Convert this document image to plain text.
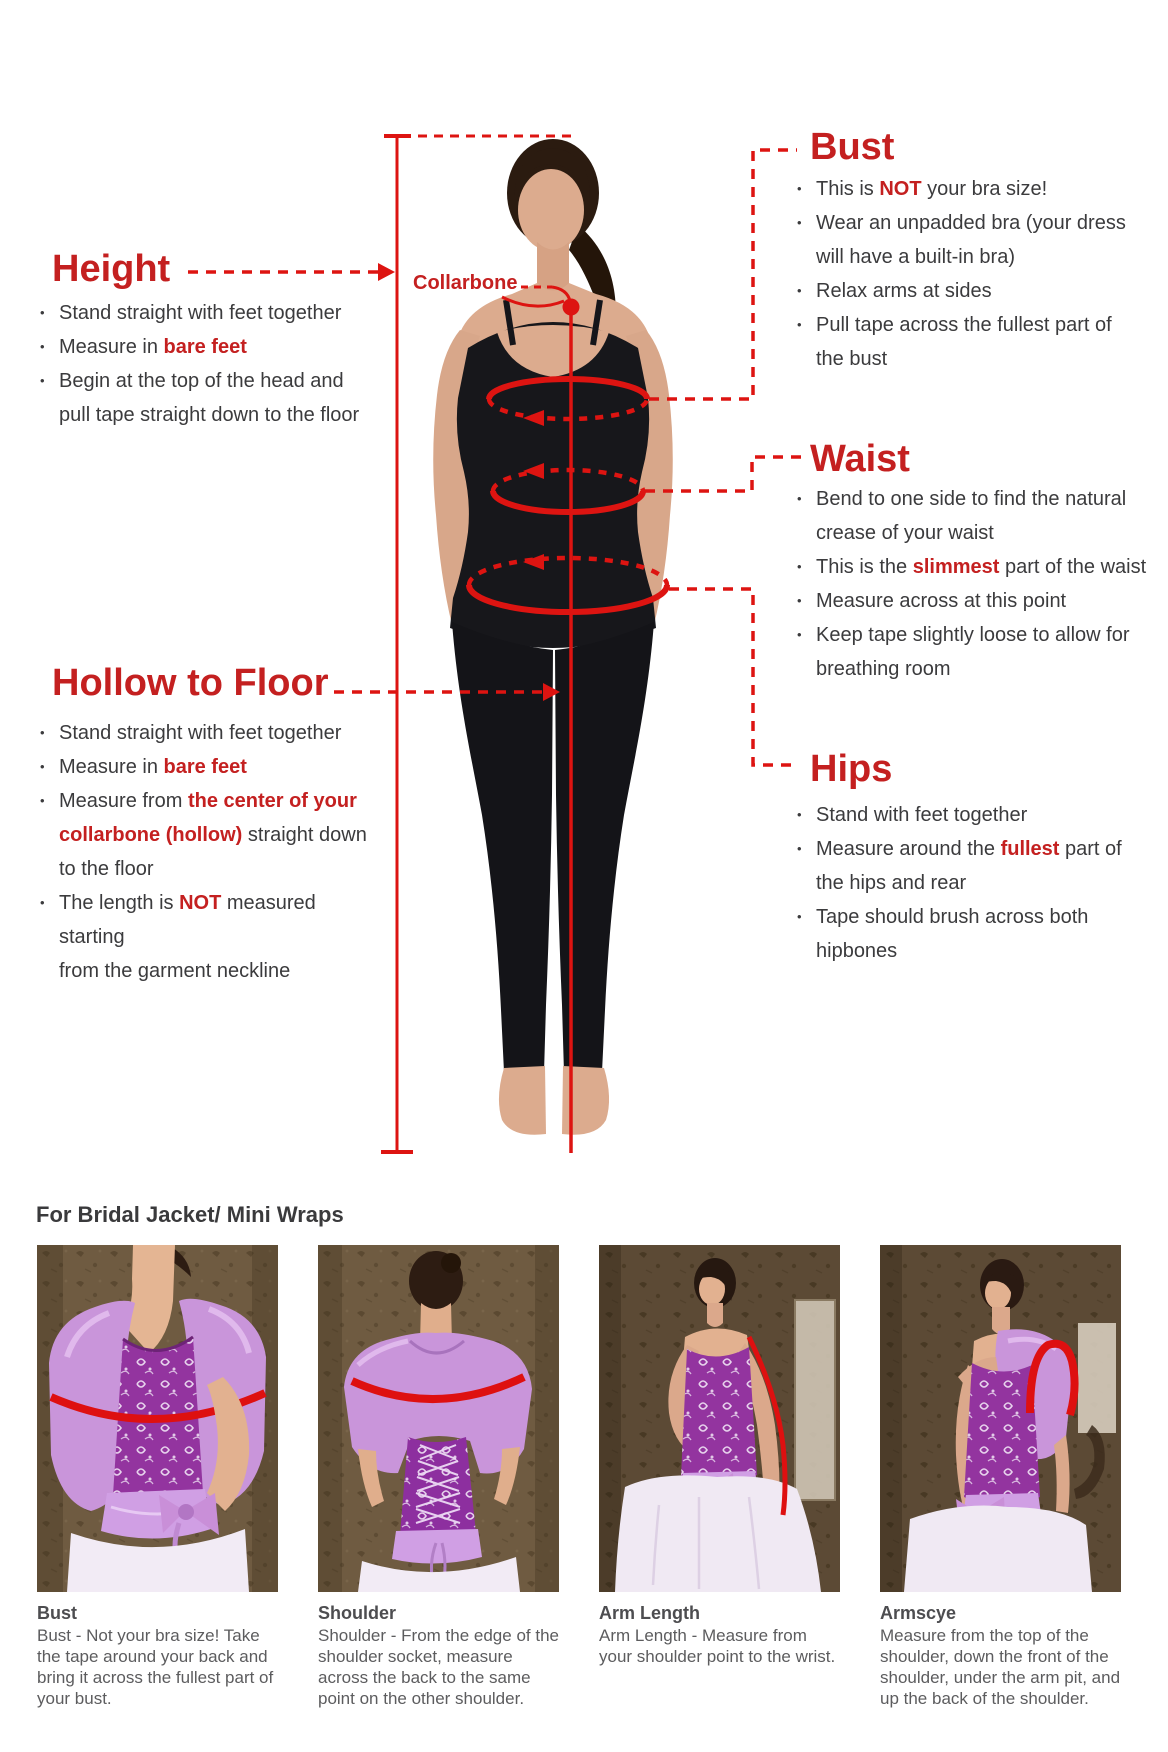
Height
• Stand straight with feet together
• Measure in bare feet
• Begin at the top of the head and
pull tape straight down to the floor
Collarbone
Hollow to Floor
• Stand straight with feet together
• Measure in bare feet
• Measure from the center of your
collarbone (hollow) straight down
to the floor
• The length is NOT measured starting
from the garment neckline
Bust
• This is NOT your bra size!
• Wear an unpadded bra (your dress
will have a built-in bra)
• Relax arms at sides
• Pull tape across the fullest part of
the bust
Waist
• Bend to one side to find the natural
crease of your waist
• This is the slimmest part of the waist
• Measure across at this point
• Keep tape slightly loose to allow for
breathing room
Hips
• Stand with feet together
• Measure around the fullest part of
the hips and rear
• Tape should brush across both
hipbones
For Bridal Jacket/ Mini Wraps
Bust
Bust - Not your bra size! Take the tape around your back and bring it across the fullest part of your bust.
Shoulder
Shoulder - From the edge of the shoulder socket, measure across the back to the same point on the other shoulder.
Arm Length
Arm Length - Measure from your shoulder point to the wrist.
Armscye
Measure from the top of the shoulder, down the front of the shoulder, under the arm pit, and up the back of the shoulder.
